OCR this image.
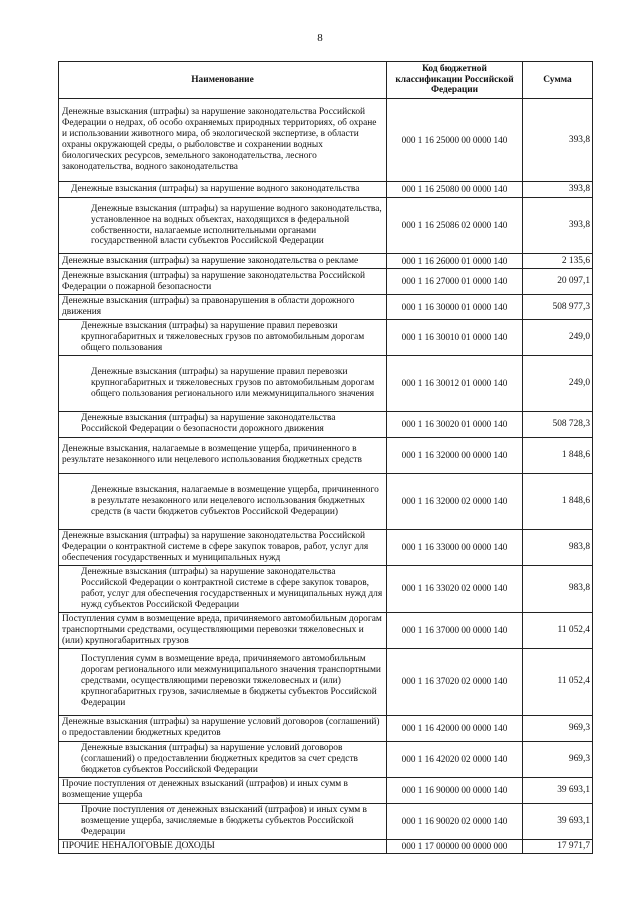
8
Наименование	Код бюджетной классификации Российской Федерации	Сумма
Денежные взыскания (штрафы) за нарушение законодательства Российской Федерации о недрах, об особо охраняемых природных территориях, об охране и использовании животного мира, об экологической экспертизе, в области охраны окружающей среды, о рыболовстве и сохранении водных биологических ресурсов, земельного законодательства, лесного законодательства, водного законодательства	000 1 16 25000 00 0000 140	393,8
Денежные взыскания (штрафы) за нарушение водного законодательства	000 1 16 25080 00 0000 140	393,8
Денежные взыскания (штрафы) за нарушение водного законодательства, установленное на водных объектах, находящихся в федеральной собственности, налагаемые исполнительными органами государственной власти субъектов Российской Федерации	000 1 16 25086 02 0000 140	393,8
Денежные взыскания (штрафы) за нарушение законодательства о рекламе	000 1 16 26000 01 0000 140	2 135,6
Денежные взыскания (штрафы) за нарушение законодательства Российской Федерации о пожарной безопасности	000 1 16 27000 01 0000 140	20 097,1
Денежные взыскания (штрафы) за правонарушения в области дорожного движения	000 1 16 30000 01 0000 140	508 977,3
Денежные взыскания (штрафы) за нарушение правил перевозки крупногабаритных и тяжеловесных грузов по автомобильным дорогам общего пользования	000 1 16 30010 01 0000 140	249,0
Денежные взыскания (штрафы) за нарушение правил перевозки крупногабаритных и тяжеловесных грузов по автомобильным дорогам общего пользования регионального или межмуниципального значения	000 1 16 30012 01 0000 140	249,0
Денежные взыскания (штрафы) за нарушение законодательства Российской Федерации о безопасности дорожного движения	000 1 16 30020 01 0000 140	508 728,3
Денежные взыскания, налагаемые в возмещение ущерба, причиненного в результате незаконного или нецелевого использования бюджетных средств	000 1 16 32000 00 0000 140	1 848,6
Денежные взыскания, налагаемые в возмещение ущерба, причиненного в результате незаконного или нецелевого использования бюджетных средств (в части бюджетов субъектов Российской Федерации)	000 1 16 32000 02 0000 140	1 848,6
Денежные взыскания (штрафы) за нарушение законодательства Российской Федерации о контрактной системе в сфере закупок товаров, работ, услуг для обеспечения государственных и муниципальных нужд	000 1 16 33000 00 0000 140	983,8
Денежные взыскания (штрафы) за нарушение законодательства Российской Федерации о контрактной системе в сфере закупок товаров, работ, услуг для обеспечения государственных и муниципальных нужд для нужд субъектов Российской Федерации	000 1 16 33020 02 0000 140	983,8
Поступления сумм в возмещение вреда, причиняемого автомобильным дорогам транспортными средствами, осуществляющими перевозки тяжеловесных и (или) крупногабаритных грузов	000 1 16 37000 00 0000 140	11 052,4
Поступления сумм в возмещение вреда, причиняемого автомобильным дорогам регионального или межмуниципального значения транспортными средствами, осуществляющими перевозки тяжеловесных и (или) крупногабаритных грузов, зачисляемые в бюджеты субъектов Российской Федерации	000 1 16 37020 02 0000 140	11 052,4
Денежные взыскания (штрафы) за нарушение условий договоров (соглашений) о предоставлении бюджетных кредитов	000 1 16 42000 00 0000 140	969,3
Денежные взыскания (штрафы) за нарушение условий договоров (соглашений) о предоставлении бюджетных кредитов за счет средств бюджетов субъектов Российской Федерации	000 1 16 42020 02 0000 140	969,3
Прочие поступления от денежных взысканий (штрафов) и иных сумм в возмещение ущерба	000 1 16 90000 00 0000 140	39 693,1
Прочие поступления от денежных взысканий (штрафов) и иных сумм в возмещение ущерба, зачисляемые в бюджеты субъектов Российской Федерации	000 1 16 90020 02 0000 140	39 693,1
ПРОЧИЕ НЕНАЛОГОВЫЕ ДОХОДЫ	000 1 17 00000 00 0000 000	17 971,7
